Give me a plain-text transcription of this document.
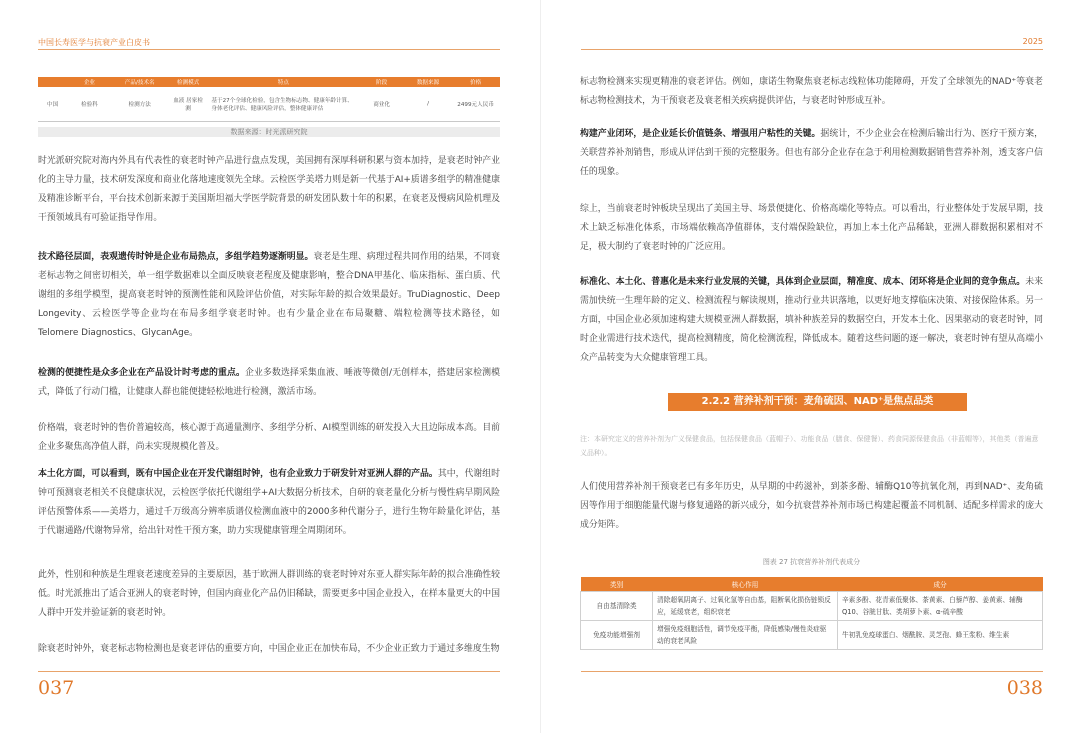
中国长寿医学与抗衰产业白皮书
	企业	产品/技术名	检测模式	特点	阶段	数据来源	价格
中国	检验科	检测方法	血液 居家检测	基于27个全球化检验，包含生物标志物、健康年龄计算、身体老化评估、健康风险评估，整体健康评估	商业化	/	2499元人民币
数据来源：时光派研究院

时光派研究院对海内外具有代表性的衰老时钟产品进行盘点发现，美国拥有深厚科研积累与资本加持，是衰老时钟产业化的主导力量，技术研发深度和商业化落地速度领先全球。云检医学美塔力则是新一代基于AI+质谱多组学的精准健康及精准诊断平台，平台技术创新来源于美国斯坦福大学医学院背景的研发团队数十年的积累，在衰老及慢病风险机理及干预领域具有可验证指导作用。

技术路径层面，表观遗传时钟是企业布局热点，多组学趋势逐渐明显。衰老是生理、病理过程共同作用的结果，不同衰老标志物之间密切相关，单一组学数据难以全面反映衰老程度及健康影响，整合DNA甲基化、临床指标、蛋白质、代谢组的多组学模型，提高衰老时钟的预测性能和风险评估价值，对实际年龄的拟合效果最好。TruDiagnostic、Deep Longevity、云检医学等企业均在布局多组学衰老时钟。也有少量企业在布局聚糖、端粒检测等技术路径，如Telomere Diagnostics、GlycanAge。

检测的便捷性是众多企业在产品设计时考虑的重点。企业多数选择采集血液、唾液等微创/无创样本，搭建居家检测模式，降低了行动门槛，让健康人群也能便捷轻松地进行检测，激活市场。

价格端，衰老时钟的售价普遍较高，核心源于高通量测序、多组学分析、AI模型训练的研发投入大且边际成本高。目前企业多聚焦高净值人群，尚未实现规模化普及。

本土化方面，可以看到，既有中国企业在开发代谢组时钟，也有企业致力于研发针对亚洲人群的产品。其中，代谢组时钟可预测衰老相关不良健康状况，云检医学依托代谢组学+AI大数据分析技术，自研的衰老量化分析与慢性病早期风险评估预警体系——美塔力，通过千万级高分辨率质谱仪检测血液中的2000多种代谢分子，进行生物年龄量化评估，基于代谢通路/代谢物异常，给出针对性干预方案，助力实现健康管理全周期闭环。

此外，性别和种族是生理衰老速度差异的主要原因，基于欧洲人群训练的衰老时钟对东亚人群实际年龄的拟合准确性较低。时光派推出了适合亚洲人的衰老时钟，但国内商业化产品仍旧稀缺，需要更多中国企业投入，在样本量更大的中国人群中开发并验证新的衰老时钟。

除衰老时钟外，衰老标志物检测也是衰老评估的重要方向，中国企业正在加快布局，不少企业正致力于通过多维度生物

037
2025
038

标志物检测来实现更精准的衰老评估。例如，康诺生物聚焦衰老标志线粒体功能障碍，开发了全球领先的NAD⁺等衰老标志物检测技术，为干预衰老及衰老相关疾病提供评估，与衰老时钟形成互补。

构建产业闭环，是企业延长价值链条、增强用户粘性的关键。据统计，不少企业会在检测后输出行为、医疗干预方案，关联营养补剂销售，形成从评估到干预的完整服务。但也有部分企业存在急于利用检测数据销售营养补剂，透支客户信任的现象。

综上，当前衰老时钟板块呈现出了美国主导、场景便捷化、价格高端化等特点。可以看出，行业整体处于发展早期，技术上缺乏标准化体系，市场端依赖高净值群体，支付端保险缺位，再加上本土化产品稀缺，亚洲人群数据积累相对不足，极大制约了衰老时钟的广泛应用。

标准化、本土化、普惠化是未来行业发展的关键，具体到企业层面，精准度、成本、闭环将是企业间的竞争焦点。未来需加快统一生理年龄的定义、检测流程与解读规则，推动行业共识落地，以更好地支撑临床决策、对接保险体系。另一方面，中国企业必须加速构建大规模亚洲人群数据，填补种族差异的数据空白，开发本土化、因果驱动的衰老时钟，同时企业需进行技术迭代，提高检测精度，简化检测流程，降低成本。随着这些问题的逐一解决，衰老时钟有望从高端小众产品转变为大众健康管理工具。

2.2.2 营养补剂干预：麦角硫因、NAD⁺是焦点品类

注：本研究定义的营养补剂为广义保健食品，包括保健食品（蓝帽子）、功能食品（膳食、保健餐）、药食同源保健食品（非蓝帽等），其他类（普遍意义品种）。

人们使用营养补剂干预衰老已有多年历史，从早期的中药滋补，到茶多酚、辅酶Q10等抗氧化剂，再到NAD⁺、麦角硫因等作用于细胞能量代谢与修复通路的新兴成分，如今抗衰营养补剂市场已构建起覆盖不同机制、适配多样需求的庞大成分矩阵。

图表 27 抗衰营养补剂代表成分
类别	核心作用	成分
自由基清除类	清除超氧阴离子、过氧化氢等自由基，阻断氧化损伤链锁反应，延缓衰老，组织衰老	辛素多酚、花青素低聚体、茶黄素、白藜芦醇、姜黄素、辅酶Q10、谷胱甘肽、类胡萝卜素、α-硫辛酸
免疫功能增强剂	增强免疫细胞活性，调节免疫平衡，降低感染/慢性炎症驱动的衰老风险	牛初乳免疫球蛋白、烟酰胺、灵芝孢、蜂王浆粉、维生素
